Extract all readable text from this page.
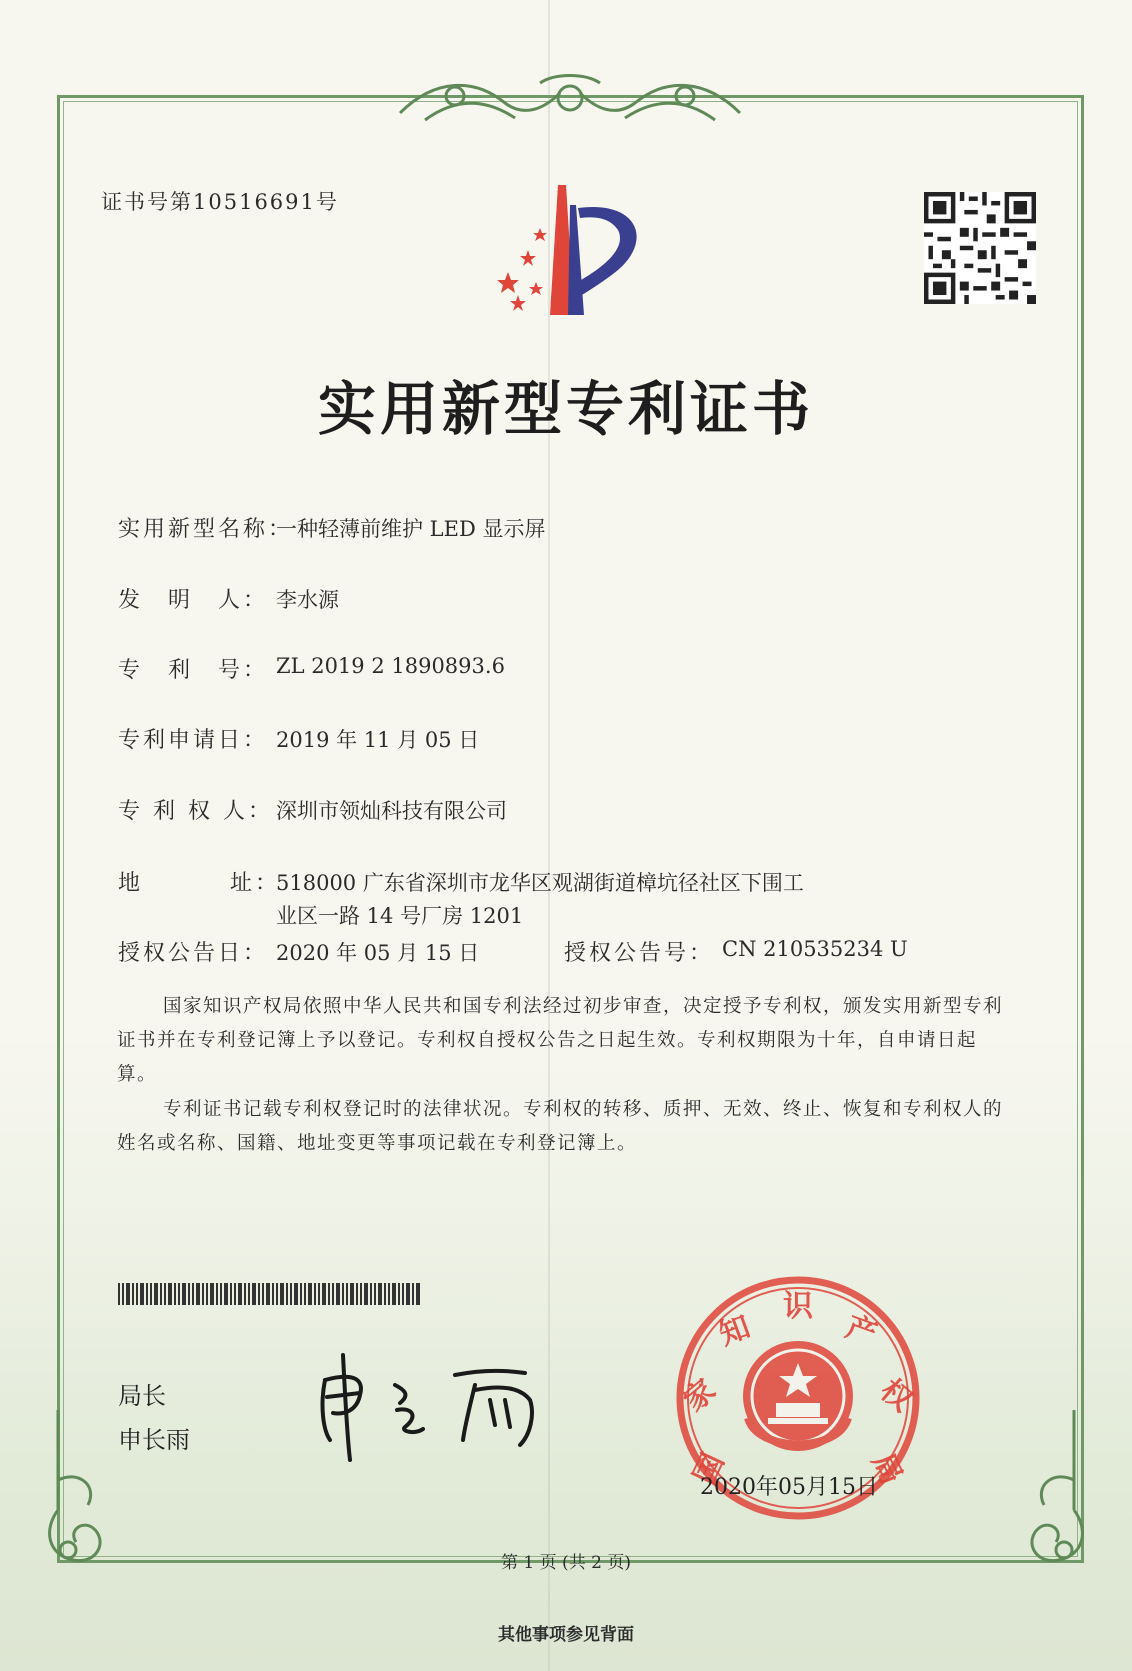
证书号第10516691号
实用新型专利证书
实用新型名称：
一种轻薄前维护 LED 显示屏
发　明　人： 李水源
专　利　号： ZL 2019 2 1890893.6
专利申请日： 2019 年 11 月 05 日
专 利 权 人： 深圳市领灿科技有限公司
地	址：
518000 广东省深圳市龙华区观湖街道樟坑径社区下围工
业区一路 14 号厂房 1201
授权公告日： 2020 年 05 月 15 日	授权公告号： CN 210535234 U
国家知识产权局依照中华人民共和国专利法经过初步审查，决定授予专利权，颁发实用新型专利证书并在专利登记簿上予以登记。专利权自授权公告之日起生效。专利权期限为十年，自申请日起算。
专利证书记载专利权登记时的法律状况。专利权的转移、质押、无效、终止、恢复和专利权人的姓名或名称、国籍、地址变更等事项记载在专利登记簿上。
局长
申长雨
国
家
知
识
产
权
局
2020年05月15日
第 1 页 (共 2 页)
其他事项参见背面
